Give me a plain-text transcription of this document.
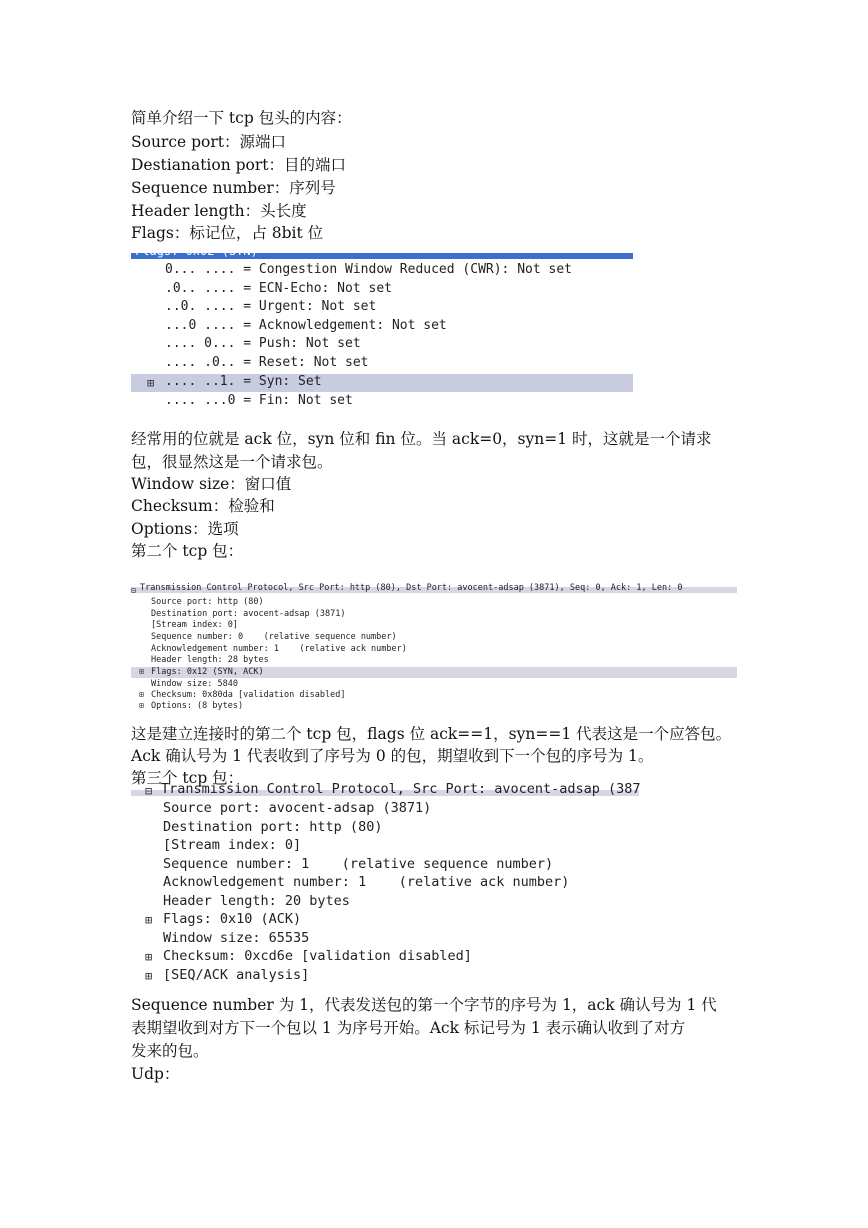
简单介绍一下 tcp 包头的内容：
Source port：源端口
Destianation port：目的端口
Sequence number：序列号
Header length：头长度
Flags：标记位，占 8bit 位
Flags: 0x02 (SYN)
0... .... = Congestion Window Reduced (CWR): Not set
.0.. .... = ECN-Echo: Not set
..0. .... = Urgent: Not set
...0 .... = Acknowledgement: Not set
.... 0... = Push: Not set
.... .0.. = Reset: Not set
⊞ .... ..1. = Syn: Set
.... ...0 = Fin: Not set
经常用的位就是 ack 位，syn 位和 fin 位。当 ack=0，syn=1 时，这就是一个请求
包，很显然这是一个请求包。
Window size：窗口值
Checksum：检验和
Options：选项
第二个 tcp 包：
⊟ Transmission Control Protocol, Src Port: http (80), Dst Port: avocent-adsap (3871), Seq: 0, Ack: 1, Len: 0
Source port: http (80)
Destination port: avocent-adsap (3871)
[Stream index: 0]
Sequence number: 0    (relative sequence number)
Acknowledgement number: 1    (relative ack number)
Header length: 28 bytes
⊞ Flags: 0x12 (SYN, ACK)
Window size: 5840
⊞ Checksum: 0x80da [validation disabled]
⊞ Options: (8 bytes)
这是建立连接时的第二个 tcp 包，flags 位 ack==1，syn==1 代表这是一个应答包。
Ack 确认号为 1 代表收到了序号为 0 的包，期望收到下一个包的序号为 1。
第三个 tcp 包：
⊟ Transmission Control Protocol, Src Port: avocent-adsap (387
Source port: avocent-adsap (3871)
Destination port: http (80)
[Stream index: 0]
Sequence number: 1    (relative sequence number)
Acknowledgement number: 1    (relative ack number)
Header length: 20 bytes
⊞ Flags: 0x10 (ACK)
Window size: 65535
⊞ Checksum: 0xcd6e [validation disabled]
⊞ [SEQ/ACK analysis]
Sequence number 为 1，代表发送包的第一个字节的序号为 1，ack 确认号为 1 代
表期望收到对方下一个包以 1 为序号开始。Ack 标记号为 1 表示确认收到了对方
发来的包。
Udp：
